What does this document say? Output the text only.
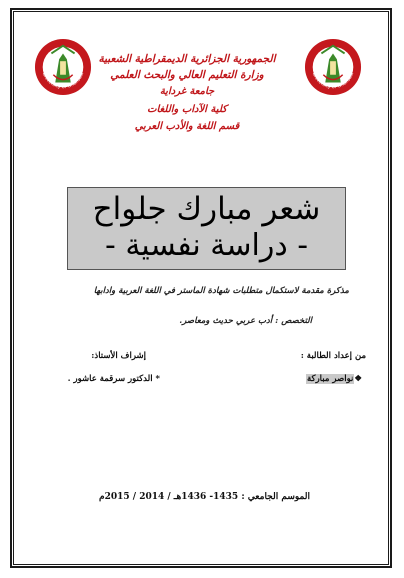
University of Ghardaia	University of Ghardaia
الجمهورية الجزائرية الديمقراطية الشعبية
وزارة التعليم العالي والبحث العلمي
جامعة غرداية
كلية الآداب واللغات
قسم اللغة والأدب العربي
شعر مبارك جلواح
- دراسة نفسية -
مذكرة مقدمة لاستكمال متطلبات شهادة الماستر في اللغة العربية وادابها
التخصص : أدب عربي حديث ومعاصر.
من إعداد الطالبة :
إشراف الأستاذ:
❖نواصر مباركة
* الدكتور سرقمة عاشور .
الموسم الجامعي : 1435- 1436هـ / 2014 / 2015م
